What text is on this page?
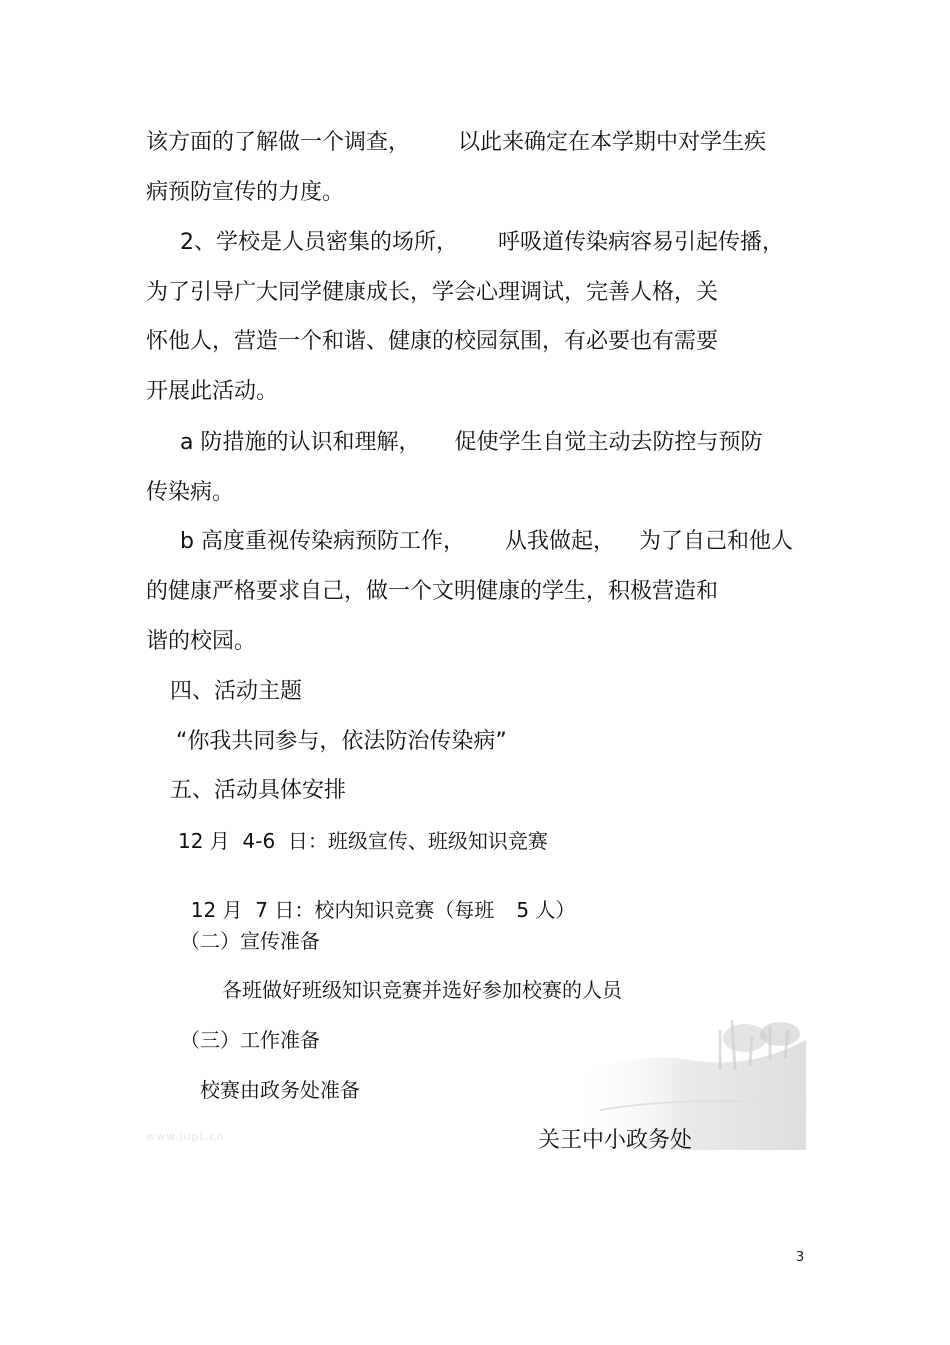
该方面的了解做一个调查， 以此来确定在本学期中对学生疾
病预防宣传的力度。
2、学校是人员密集的场所， 呼吸道传染病容易引起传播，
为了引导广大同学健康成长，学会心理调试，完善人格，关
怀他人，营造一个和谐、健康的校园氛围，有必要也有需要
开展此活动。
a 防措施的认识和理解， 促使学生自觉主动去防控与预防
传染病。
b 高度重视传染病预防工作， 从我做起， 为了自己和他人
的健康严格要求自己，做一个文明健康的学生，积极营造和
谐的校园。
四、活动主题
“你我共同参与，依法防治传染病”
五、活动具体安排
12 月  4-6  日：班级宣传、班级知识竞赛

12 月  7 日：校内知识竞赛（每班 5 人）

（二）宣传准备
各班做好班级知识竞赛并选好参加校赛的人员
（三）工作准备
校赛由政务处准备
www.jupt.cn	关王中小政务处
3
